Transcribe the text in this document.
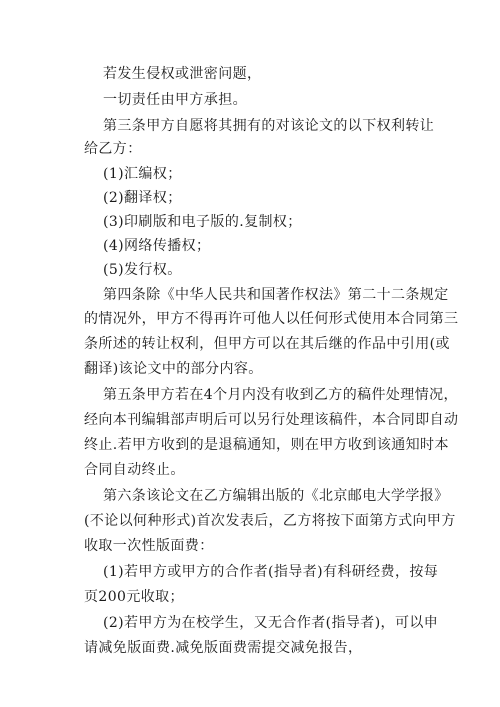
若发生侵权或泄密问题，
一切责任由甲方承担。
第三条甲方自愿将其拥有的对该论文的以下权利转让
给乙方：
(1)汇编权；
(2)翻译权；
(3)印刷版和电子版的.复制权；
(4)网络传播权；
(5)发行权。
第四条除《中华人民共和国著作权法》第二十二条规定
的情况外，甲方不得再许可他人以任何形式使用本合同第三
条所述的转让权利，但甲方可以在其后继的作品中引用(或
翻译)该论文中的部分内容。
第五条甲方若在4个月内没有收到乙方的稿件处理情况，
经向本刊编辑部声明后可以另行处理该稿件，本合同即自动
终止.若甲方收到的是退稿通知，则在甲方收到该通知时本
合同自动终止。
第六条该论文在乙方编辑出版的《北京邮电大学学报》
(不论以何种形式)首次发表后，乙方将按下面第方式向甲方
收取一次性版面费：
(1)若甲方或甲方的合作者(指导者)有科研经费，按每
页200元收取；
(2)若甲方为在校学生，又无合作者(指导者)，可以申
请减免版面费.减免版面费需提交减免报告，
